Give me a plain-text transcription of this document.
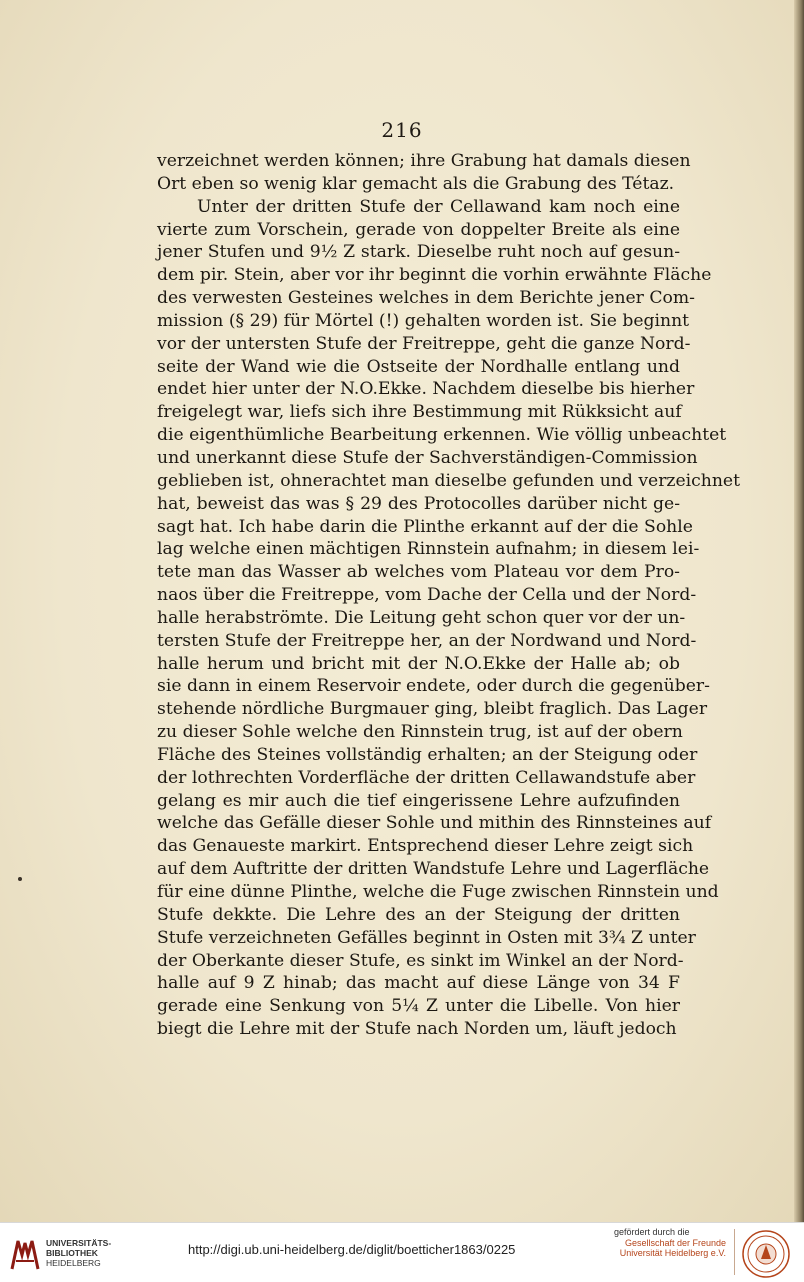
216
verzeichnet werden können; ihre Grabung hat damals diesen
Ort eben so wenig klar gemacht als die Grabung des Tétaz.
Unter der dritten Stufe der Cellawand kam noch eine
vierte zum Vorschein, gerade von doppelter Breite als eine
jener Stufen und 9½ Z stark. Dieselbe ruht noch auf gesun-
dem pir. Stein, aber vor ihr beginnt die vorhin erwähnte Fläche
des verwesten Gesteines welches in dem Berichte jener Com-
mission (§ 29) für Mörtel (!) gehalten worden ist. Sie beginnt
vor der untersten Stufe der Freitreppe, geht die ganze Nord-
seite der Wand wie die Ostseite der Nordhalle entlang und
endet hier unter der N.O.Ekke. Nachdem dieselbe bis hierher
freigelegt war, liefs sich ihre Bestimmung mit Rükksicht auf
die eigenthümliche Bearbeitung erkennen. Wie völlig unbeachtet
und unerkannt diese Stufe der Sachverständigen-Commission
geblieben ist, ohnerachtet man dieselbe gefunden und verzeichnet
hat, beweist das was § 29 des Protocolles darüber nicht ge-
sagt hat. Ich habe darin die Plinthe erkannt auf der die Sohle
lag welche einen mächtigen Rinnstein aufnahm; in diesem lei-
tete man das Wasser ab welches vom Plateau vor dem Pro-
naos über die Freitreppe, vom Dache der Cella und der Nord-
halle herabströmte. Die Leitung geht schon quer vor der un-
tersten Stufe der Freitreppe her, an der Nordwand und Nord-
halle herum und bricht mit der N.O.Ekke der Halle ab; ob
sie dann in einem Reservoir endete, oder durch die gegenüber-
stehende nördliche Burgmauer ging, bleibt fraglich. Das Lager
zu dieser Sohle welche den Rinnstein trug, ist auf der obern
Fläche des Steines vollständig erhalten; an der Steigung oder
der lothrechten Vorderfläche der dritten Cellawandstufe aber
gelang es mir auch die tief eingerissene Lehre aufzufinden
welche das Gefälle dieser Sohle und mithin des Rinnsteines auf
das Genaueste markirt. Entsprechend dieser Lehre zeigt sich
auf dem Auftritte der dritten Wandstufe Lehre und Lagerfläche
für eine dünne Plinthe, welche die Fuge zwischen Rinnstein und
Stufe dekkte. Die Lehre des an der Steigung der dritten
Stufe verzeichneten Gefälles beginnt in Osten mit 3¾ Z unter
der Oberkante dieser Stufe, es sinkt im Winkel an der Nord-
halle auf 9 Z hinab; das macht auf diese Länge von 34 F
gerade eine Senkung von 5¼ Z unter die Libelle. Von hier
biegt die Lehre mit der Stufe nach Norden um, läuft jedoch
UNIVERSITÄTS-
BIBLIOTHEK
HEIDELBERG
http://digi.ub.uni-heidelberg.de/diglit/boetticher1863/0225
gefördert durch die
Gesellschaft der Freunde
Universität Heidelberg e.V.
